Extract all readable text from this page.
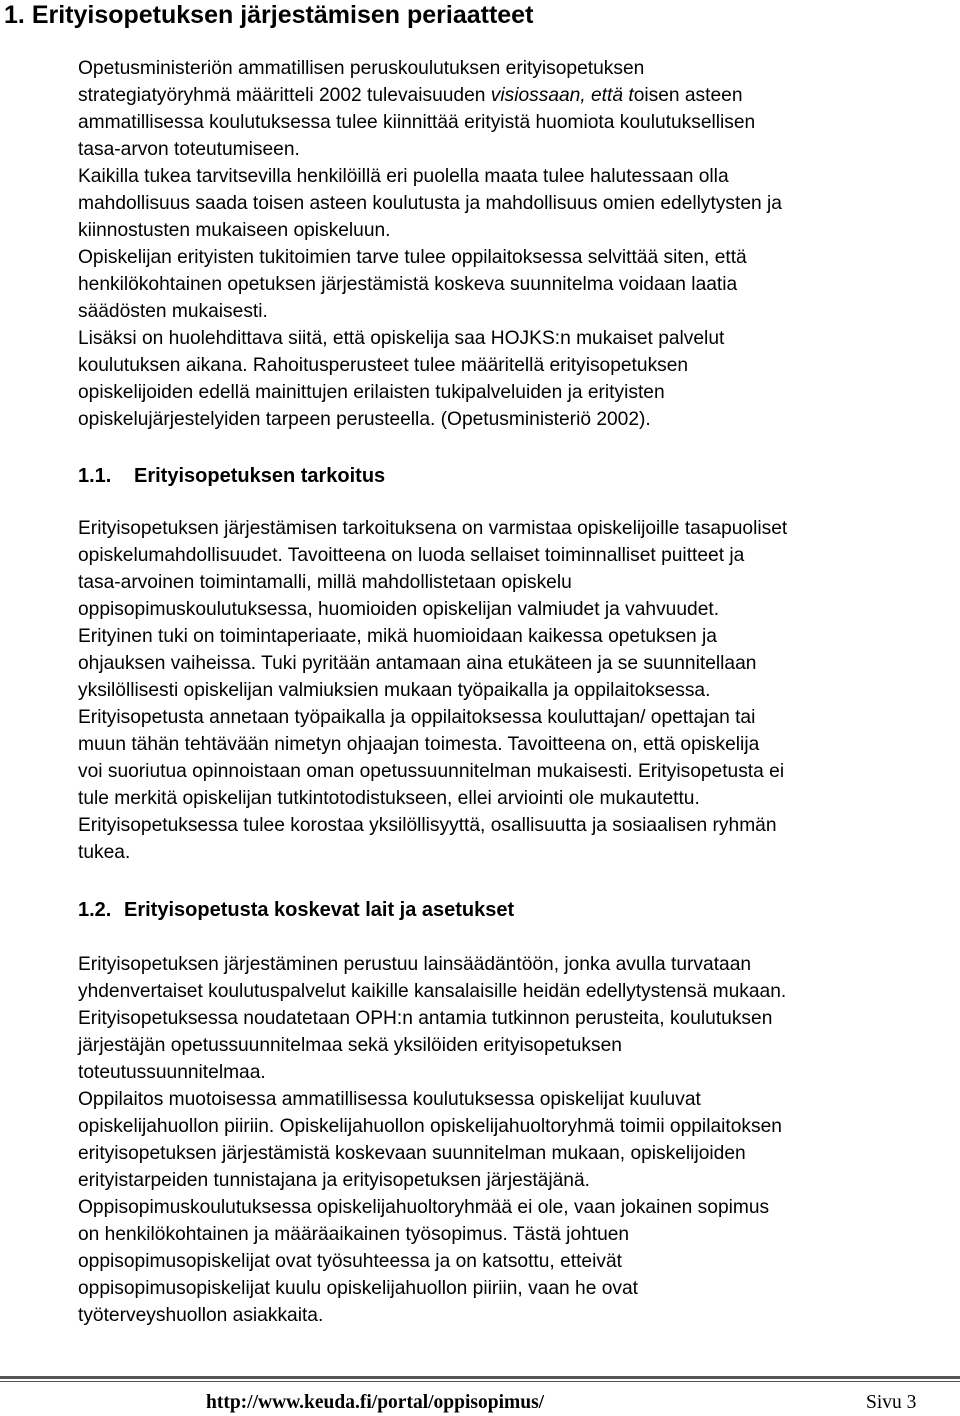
1. Erityisopetuksen järjestämisen periaatteet
Opetusministeriön ammatillisen peruskoulutuksen erityisopetuksen
strategiatyöryhmä määritteli 2002 tulevaisuuden visiossaan, että toisen asteen
ammatillisessa koulutuksessa tulee kiinnittää erityistä huomiota koulutuksellisen
tasa-arvon toteutumiseen.
Kaikilla tukea tarvitsevilla henkilöillä eri puolella maata tulee halutessaan olla
mahdollisuus saada toisen asteen koulutusta ja mahdollisuus omien edellytysten ja
kiinnostusten mukaiseen opiskeluun.
Opiskelijan erityisten tukitoimien tarve tulee oppilaitoksessa selvittää siten, että
henkilökohtainen opetuksen järjestämistä koskeva suunnitelma voidaan laatia
säädösten mukaisesti.
Lisäksi on huolehdittava siitä, että opiskelija saa HOJKS:n mukaiset palvelut
koulutuksen aikana. Rahoitusperusteet tulee määritellä erityisopetuksen
opiskelijoiden edellä mainittujen erilaisten tukipalveluiden ja erityisten
opiskelujärjestelyiden tarpeen perusteella. (Opetusministeriö 2002).
1.1. Erityisopetuksen tarkoitus
Erityisopetuksen järjestämisen tarkoituksena on varmistaa opiskelijoille tasapuoliset
opiskelumahdollisuudet. Tavoitteena on luoda sellaiset toiminnalliset puitteet ja
tasa-arvoinen toimintamalli, millä mahdollistetaan opiskelu
oppisopimuskoulutuksessa, huomioiden opiskelijan valmiudet ja vahvuudet.
Erityinen tuki on toimintaperiaate, mikä huomioidaan kaikessa opetuksen ja
ohjauksen vaiheissa. Tuki pyritään antamaan aina etukäteen ja se suunnitellaan
yksilöllisesti opiskelijan valmiuksien mukaan työpaikalla ja oppilaitoksessa.
Erityisopetusta annetaan työpaikalla ja oppilaitoksessa kouluttajan/ opettajan tai
muun tähän tehtävään nimetyn ohjaajan toimesta. Tavoitteena on, että opiskelija
voi suoriutua opinnoistaan oman opetussuunnitelman mukaisesti. Erityisopetusta ei
tule merkitä opiskelijan tutkintotodistukseen, ellei arviointi ole mukautettu.
Erityisopetuksessa tulee korostaa yksilöllisyyttä, osallisuutta ja sosiaalisen ryhmän
tukea.
1.2. Erityisopetusta koskevat lait ja asetukset
Erityisopetuksen järjestäminen perustuu lainsäädäntöön, jonka avulla turvataan
yhdenvertaiset koulutuspalvelut kaikille kansalaisille heidän edellytystensä mukaan.
Erityisopetuksessa noudatetaan OPH:n antamia tutkinnon perusteita, koulutuksen
järjestäjän opetussuunnitelmaa sekä yksilöiden erityisopetuksen
toteutussuunnitelmaa.
Oppilaitos muotoisessa ammatillisessa koulutuksessa opiskelijat kuuluvat
opiskelijahuollon piiriin. Opiskelijahuollon opiskelijahuoltoryhmä toimii oppilaitoksen
erityisopetuksen järjestämistä koskevaan suunnitelman mukaan, opiskelijoiden
erityistarpeiden tunnistajana ja erityisopetuksen järjestäjänä.
Oppisopimuskoulutuksessa opiskelijahuoltoryhmää ei ole, vaan jokainen sopimus
on henkilökohtainen ja määräaikainen työsopimus. Tästä johtuen
oppisopimusopiskelijat ovat työsuhteessa ja on katsottu, etteivät
oppisopimusopiskelijat kuulu opiskelijahuollon piiriin, vaan he ovat
työterveyshuollon asiakkaita.
http://www.keuda.fi/portal/oppisopimus/	Sivu 3
